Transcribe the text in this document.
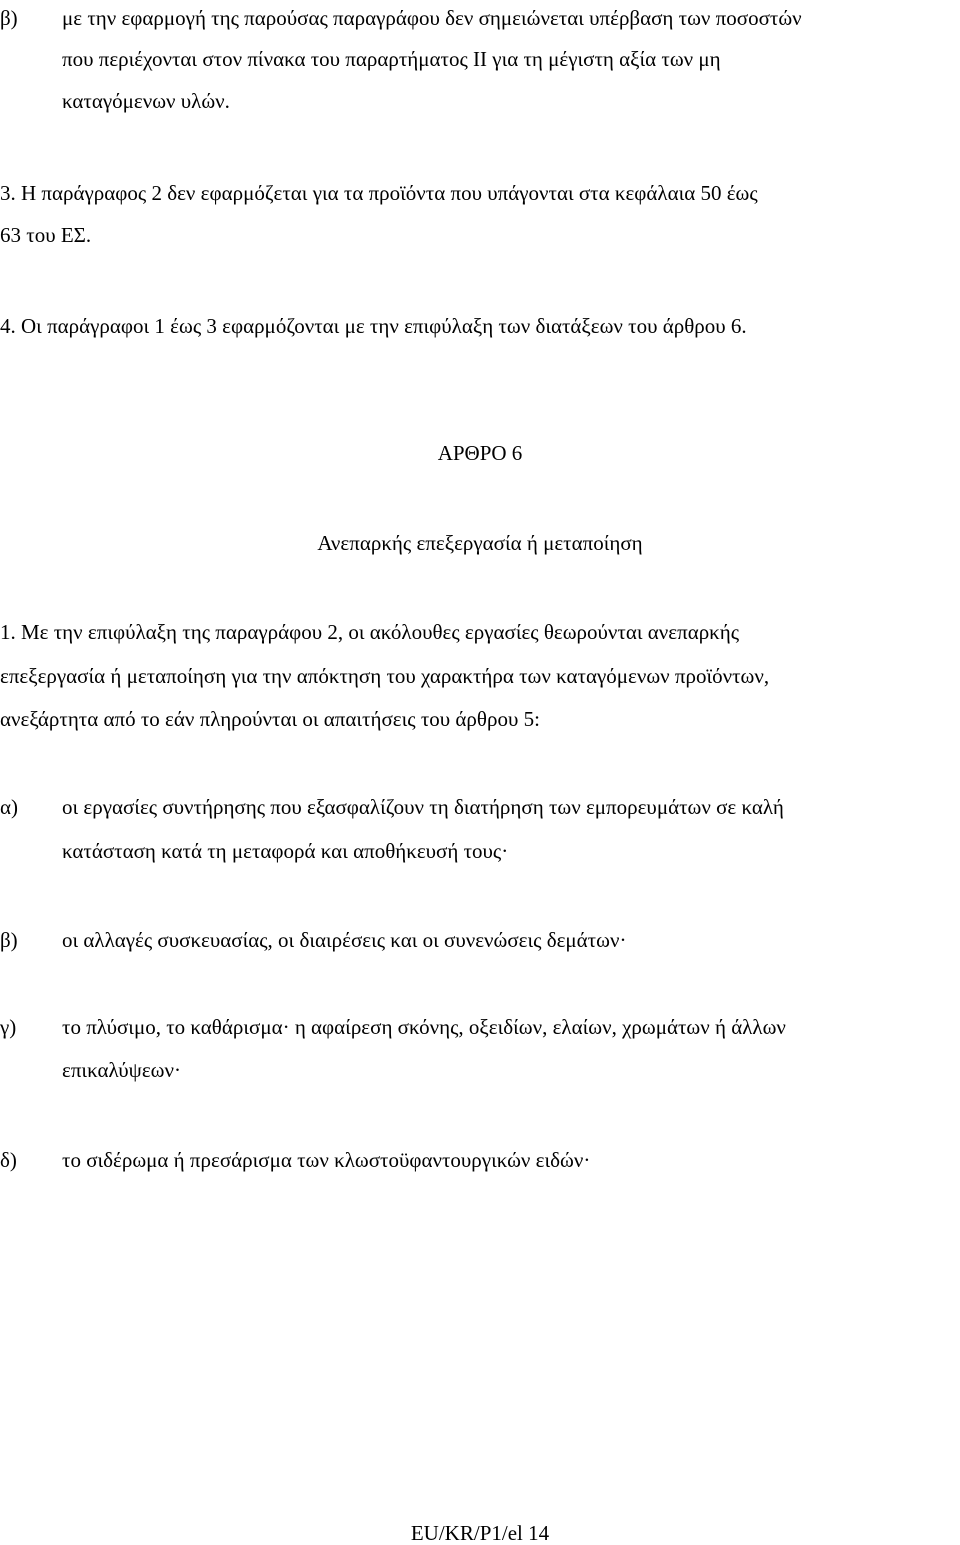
β) με την εφαρμογή της παρούσας παραγράφου δεν σημειώνεται υπέρβαση των ποσοστών
που περιέχονται στον πίνακα του παραρτήματος ΙΙ για τη μέγιστη αξία των μη
καταγόμενων υλών.
3. Η παράγραφος 2 δεν εφαρμόζεται για τα προϊόντα που υπάγονται στα κεφάλαια 50 έως
63 του ΕΣ.
4. Οι παράγραφοι 1 έως 3 εφαρμόζονται με την επιφύλαξη των διατάξεων του άρθρου 6.
ΑΡΘΡΟ 6
Ανεπαρκής επεξεργασία ή μεταποίηση
1. Με την επιφύλαξη της παραγράφου 2, οι ακόλουθες εργασίες θεωρούνται ανεπαρκής
επεξεργασία ή μεταποίηση για την απόκτηση του χαρακτήρα των καταγόμενων προϊόντων,
ανεξάρτητα από το εάν πληρούνται οι απαιτήσεις του άρθρου 5:
α) οι εργασίες συντήρησης που εξασφαλίζουν τη διατήρηση των εμπορευμάτων σε καλή
κατάσταση κατά τη μεταφορά και αποθήκευσή τους·
β) οι αλλαγές συσκευασίας, οι διαιρέσεις και οι συνενώσεις δεμάτων·
γ) το πλύσιμο, το καθάρισμα· η αφαίρεση σκόνης, οξειδίων, ελαίων, χρωμάτων ή άλλων
επικαλύψεων·
δ) το σιδέρωμα ή πρεσάρισμα των κλωστοϋφαντουργικών ειδών·
EU/KR/P1/el 14
